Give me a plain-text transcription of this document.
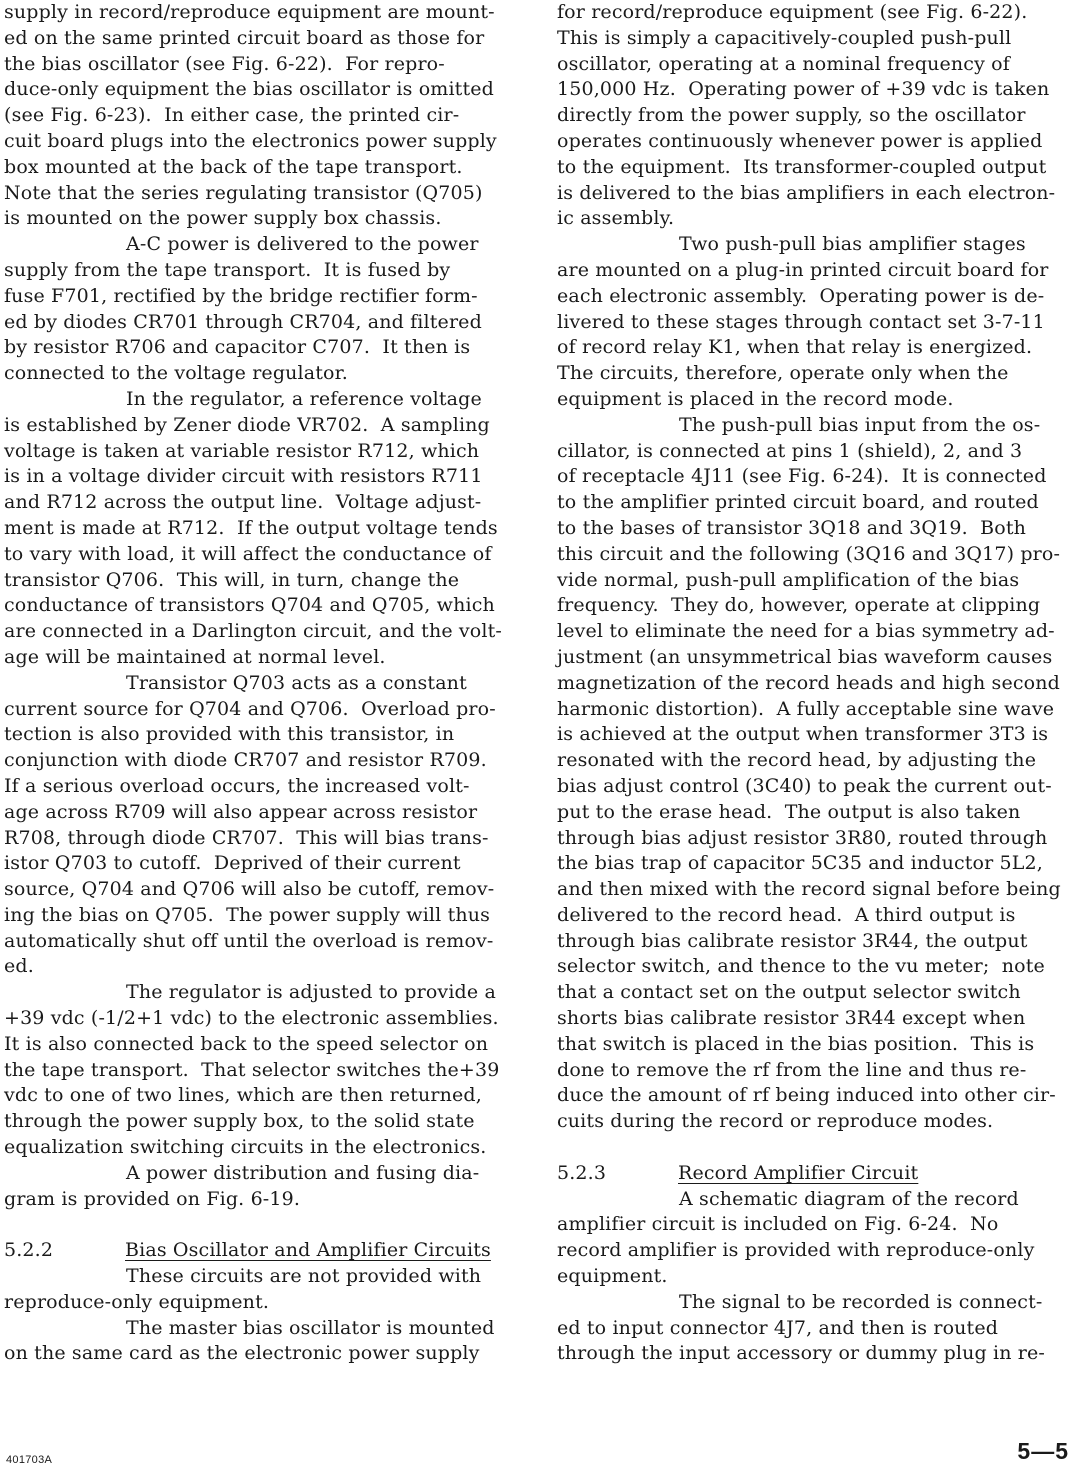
supply in record/reproduce equipment are mount-
ed on the same printed circuit board as those for
the bias oscillator (see Fig. 6-22).  For repro-
duce-only equipment the bias oscillator is omitted
(see Fig. 6-23).  In either case, the printed cir-
cuit board plugs into the electronics power supply
box mounted at the back of the tape transport.
Note that the series regulating transistor (Q705)
is mounted on the power supply box chassis.
A-C power is delivered to the power
supply from the tape transport.  It is fused by
fuse F701, rectified by the bridge rectifier form-
ed by diodes CR701 through CR704, and filtered
by resistor R706 and capacitor C707.  It then is
connected to the voltage regulator.
In the regulator, a reference voltage
is established by Zener diode VR702.  A sampling
voltage is taken at variable resistor R712, which
is in a voltage divider circuit with resistors R711
and R712 across the output line.  Voltage adjust-
ment is made at R712.  If the output voltage tends
to vary with load, it will affect the conductance of
transistor Q706.  This will, in turn, change the
conductance of transistors Q704 and Q705, which
are connected in a Darlington circuit, and the volt-
age will be maintained at normal level.
Transistor Q703 acts as a constant
current source for Q704 and Q706.  Overload pro-
tection is also provided with this transistor, in
conjunction with diode CR707 and resistor R709.
If a serious overload occurs, the increased volt-
age across R709 will also appear across resistor
R708, through diode CR707.  This will bias trans-
istor Q703 to cutoff.  Deprived of their current
source, Q704 and Q706 will also be cutoff, remov-
ing the bias on Q705.  The power supply will thus
automatically shut off until the overload is remov-
ed.
The regulator is adjusted to provide a
+39 vdc (-1/2+1 vdc) to the electronic assemblies.
It is also connected back to the speed selector on
the tape transport.  That selector switches the+39
vdc to one of two lines, which are then returned,
through the power supply box, to the solid state
equalization switching circuits in the electronics.
A power distribution and fusing dia-
gram is provided on Fig. 6-19.
5.2.2	Bias Oscillator and Amplifier Circuits
These circuits are not provided with
reproduce-only equipment.
The master bias oscillator is mounted
on the same card as the electronic power supply
for record/reproduce equipment (see Fig. 6-22).
This is simply a capacitively-coupled push-pull
oscillator, operating at a nominal frequency of
150,000 Hz.  Operating power of +39 vdc is taken
directly from the power supply, so the oscillator
operates continuously whenever power is applied
to the equipment.  Its transformer-coupled output
is delivered to the bias amplifiers in each electron-
ic assembly.
Two push-pull bias amplifier stages
are mounted on a plug-in printed circuit board for
each electronic assembly.  Operating power is de-
livered to these stages through contact set 3-7-11
of record relay K1, when that relay is energized.
The circuits, therefore, operate only when the
equipment is placed in the record mode.
The push-pull bias input from the os-
cillator, is connected at pins 1 (shield), 2, and 3
of receptacle 4J11 (see Fig. 6-24).  It is connected
to the amplifier printed circuit board, and routed
to the bases of transistor 3Q18 and 3Q19.  Both
this circuit and the following (3Q16 and 3Q17) pro-
vide normal, push-pull amplification of the bias
frequency.  They do, however, operate at clipping
level to eliminate the need for a bias symmetry ad-
justment (an unsymmetrical bias waveform causes
magnetization of the record heads and high second
harmonic distortion).  A fully acceptable sine wave
is achieved at the output when transformer 3T3 is
resonated with the record head, by adjusting the
bias adjust control (3C40) to peak the current out-
put to the erase head.  The output is also taken
through bias adjust resistor 3R80, routed through
the bias trap of capacitor 5C35 and inductor 5L2,
and then mixed with the record signal before being
delivered to the record head.  A third output is
through bias calibrate resistor 3R44, the output
selector switch, and thence to the vu meter;  note
that a contact set on the output selector switch
shorts bias calibrate resistor 3R44 except when
that switch is placed in the bias position.  This is
done to remove the rf from the line and thus re-
duce the amount of rf being induced into other cir-
cuits during the record or reproduce modes.
5.2.3	Record Amplifier Circuit
A schematic diagram of the record
amplifier circuit is included on Fig. 6-24.  No
record amplifier is provided with reproduce-only
equipment.
The signal to be recorded is connect-
ed to input connector 4J7, and then is routed
through the input accessory or dummy plug in re-
401703A	5—5
